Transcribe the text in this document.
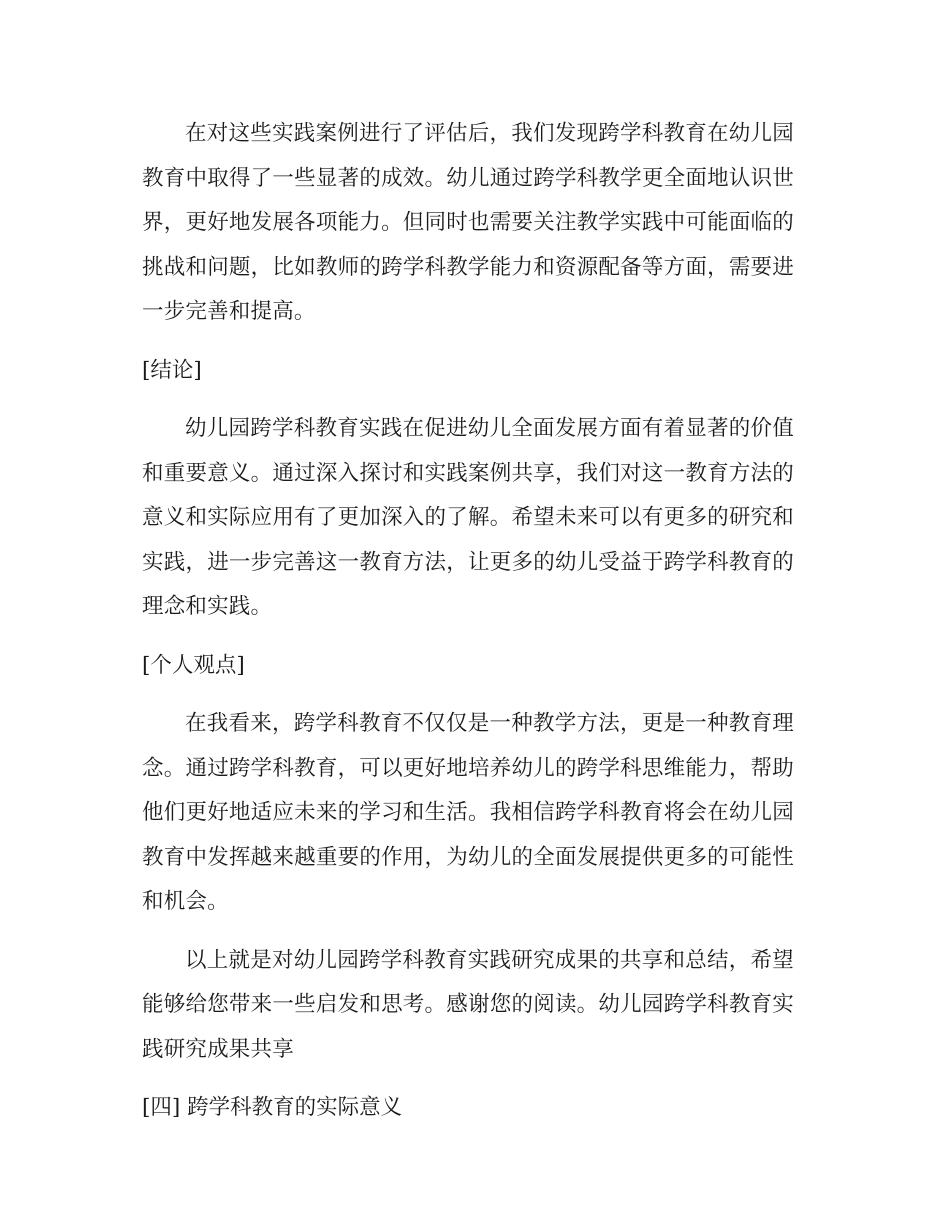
在对这些实践案例进行了评估后，我们发现跨学科教育在幼儿园教育中取得了一些显著的成效。幼儿通过跨学科教学更全面地认识世界，更好地发展各项能力。但同时也需要关注教学实践中可能面临的挑战和问题，比如教师的跨学科教学能力和资源配备等方面，需要进一步完善和提高。

[结论]

幼儿园跨学科教育实践在促进幼儿全面发展方面有着显著的价值和重要意义。通过深入探讨和实践案例共享，我们对这一教育方法的意义和实际应用有了更加深入的了解。希望未来可以有更多的研究和实践，进一步完善这一教育方法，让更多的幼儿受益于跨学科教育的理念和实践。

[个人观点]

在我看来，跨学科教育不仅仅是一种教学方法，更是一种教育理念。通过跨学科教育，可以更好地培养幼儿的跨学科思维能力，帮助他们更好地适应未来的学习和生活。我相信跨学科教育将会在幼儿园教育中发挥越来越重要的作用，为幼儿的全面发展提供更多的可能性和机会。

以上就是对幼儿园跨学科教育实践研究成果的共享和总结，希望能够给您带来一些启发和思考。感谢您的阅读。幼儿园跨学科教育实践研究成果共享

[四] 跨学科教育的实际意义
